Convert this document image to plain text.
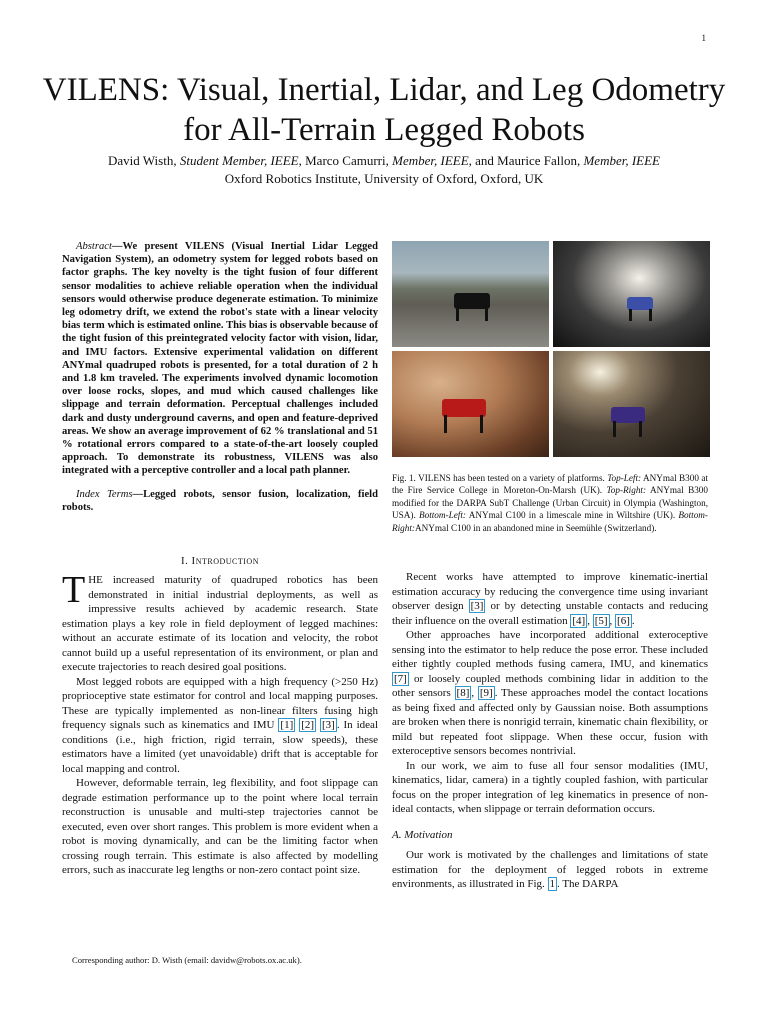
1
VILENS: Visual, Inertial, Lidar, and Leg Odometry
for All-Terrain Legged Robots
David Wisth, Student Member, IEEE, Marco Camurri, Member, IEEE, and Maurice Fallon, Member, IEEE
Oxford Robotics Institute, University of Oxford, Oxford, UK

Abstract—We present VILENS (Visual Inertial Lidar Legged Navigation System), an odometry system for legged robots based on factor graphs. The key novelty is the tight fusion of four different sensor modalities to achieve reliable operation when the individual sensors would otherwise produce degenerate estimation. To minimize leg odometry drift, we extend the robot's state with a linear velocity bias term which is estimated online. This bias is observable because of the tight fusion of this preintegrated velocity factor with vision, lidar, and IMU factors. Extensive experimental validation on different ANYmal quadruped robots is presented, for a total duration of 2 h and 1.8 km traveled. The experiments involved dynamic locomotion over loose rocks, slopes, and mud which caused challenges like slippage and terrain deformation. Perceptual challenges included dark and dusty underground caverns, and open and feature-deprived areas. We show an average improvement of 62 % translational and 51 % rotational errors compared to a state-of-the-art loosely coupled approach. To demonstrate its robustness, VILENS was also integrated with a perceptive controller and a local path planner.

Index Terms—Legged robots, sensor fusion, localization, field robots.

Fig. 1. VILENS has been tested on a variety of platforms. Top-Left: ANYmal B300 at the Fire Service College in Moreton-On-Marsh (UK). Top-Right: ANYmal B300 modified for the DARPA SubT Challenge (Urban Circuit) in Olympia (Washington, USA). Bottom-Left: ANYmal C100 in a limescale mine in Wiltshire (UK). Bottom-Right:ANYmal C100 in an abandoned mine in Seemühle (Switzerland).
I. Introduction

THE increased maturity of quadruped robotics has been demonstrated in initial industrial deployments, as well as impressive results achieved by academic research. State estimation plays a key role in field deployment of legged machines: without an accurate estimate of its location and velocity, the robot cannot build up a useful representation of its environment, or plan and execute trajectories to reach desired goal positions.

Most legged robots are equipped with a high frequency (>250 Hz) proprioceptive state estimator for control and local mapping purposes. These are typically implemented as non-linear filters fusing high frequency signals such as kinematics and IMU [1] [2] [3] . In ideal conditions (i.e., high friction, rigid terrain, slow speeds), these estimators have a limited (yet unavoidable) drift that is acceptable for local mapping and control.

However, deformable terrain, leg flexibility, and foot slippage can degrade estimation performance up to the point where local terrain reconstruction is unusable and multi-step trajectories cannot be executed, even over short ranges. This problem is more evident when a robot is moving dynamically, and can be the limiting factor when crossing rough terrain. This estimate is also affected by modelling errors, such as inaccurate leg lengths or non-zero contact point size.

Recent works have attempted to improve kinematic-inertial estimation accuracy by reducing the convergence time using invariant observer design [3] or by detecting unstable contacts and reducing their influence on the overall estimation [4] , [5] , [6] .

Other approaches have incorporated additional exteroceptive sensing into the estimator to help reduce the pose error. These included either tightly coupled methods fusing camera, IMU, and kinematics [7] or loosely coupled methods combining lidar in addition to the other sensors [8] , [9] . These approaches model the contact locations as being fixed and affected only by Gaussian noise. Both assumptions are broken when there is nonrigid terrain, kinematic chain flexibility, or mild but repeated foot slippage. When these occur, fusion with exteroceptive sensors becomes nontrivial.

In our work, we aim to fuse all four sensor modalities (IMU, kinematics, lidar, camera) in a tightly coupled fashion, with particular focus on the proper integration of leg kinematics in presence of non-ideal contacts, when slippage or terrain deformation occurs.

A. Motivation

Our work is motivated by the challenges and limitations of state estimation for the deployment of legged robots in extreme environments, as illustrated in Fig. 1 . The DARPA

Corresponding author: D. Wisth (email: davidw@robots.ox.ac.uk).
